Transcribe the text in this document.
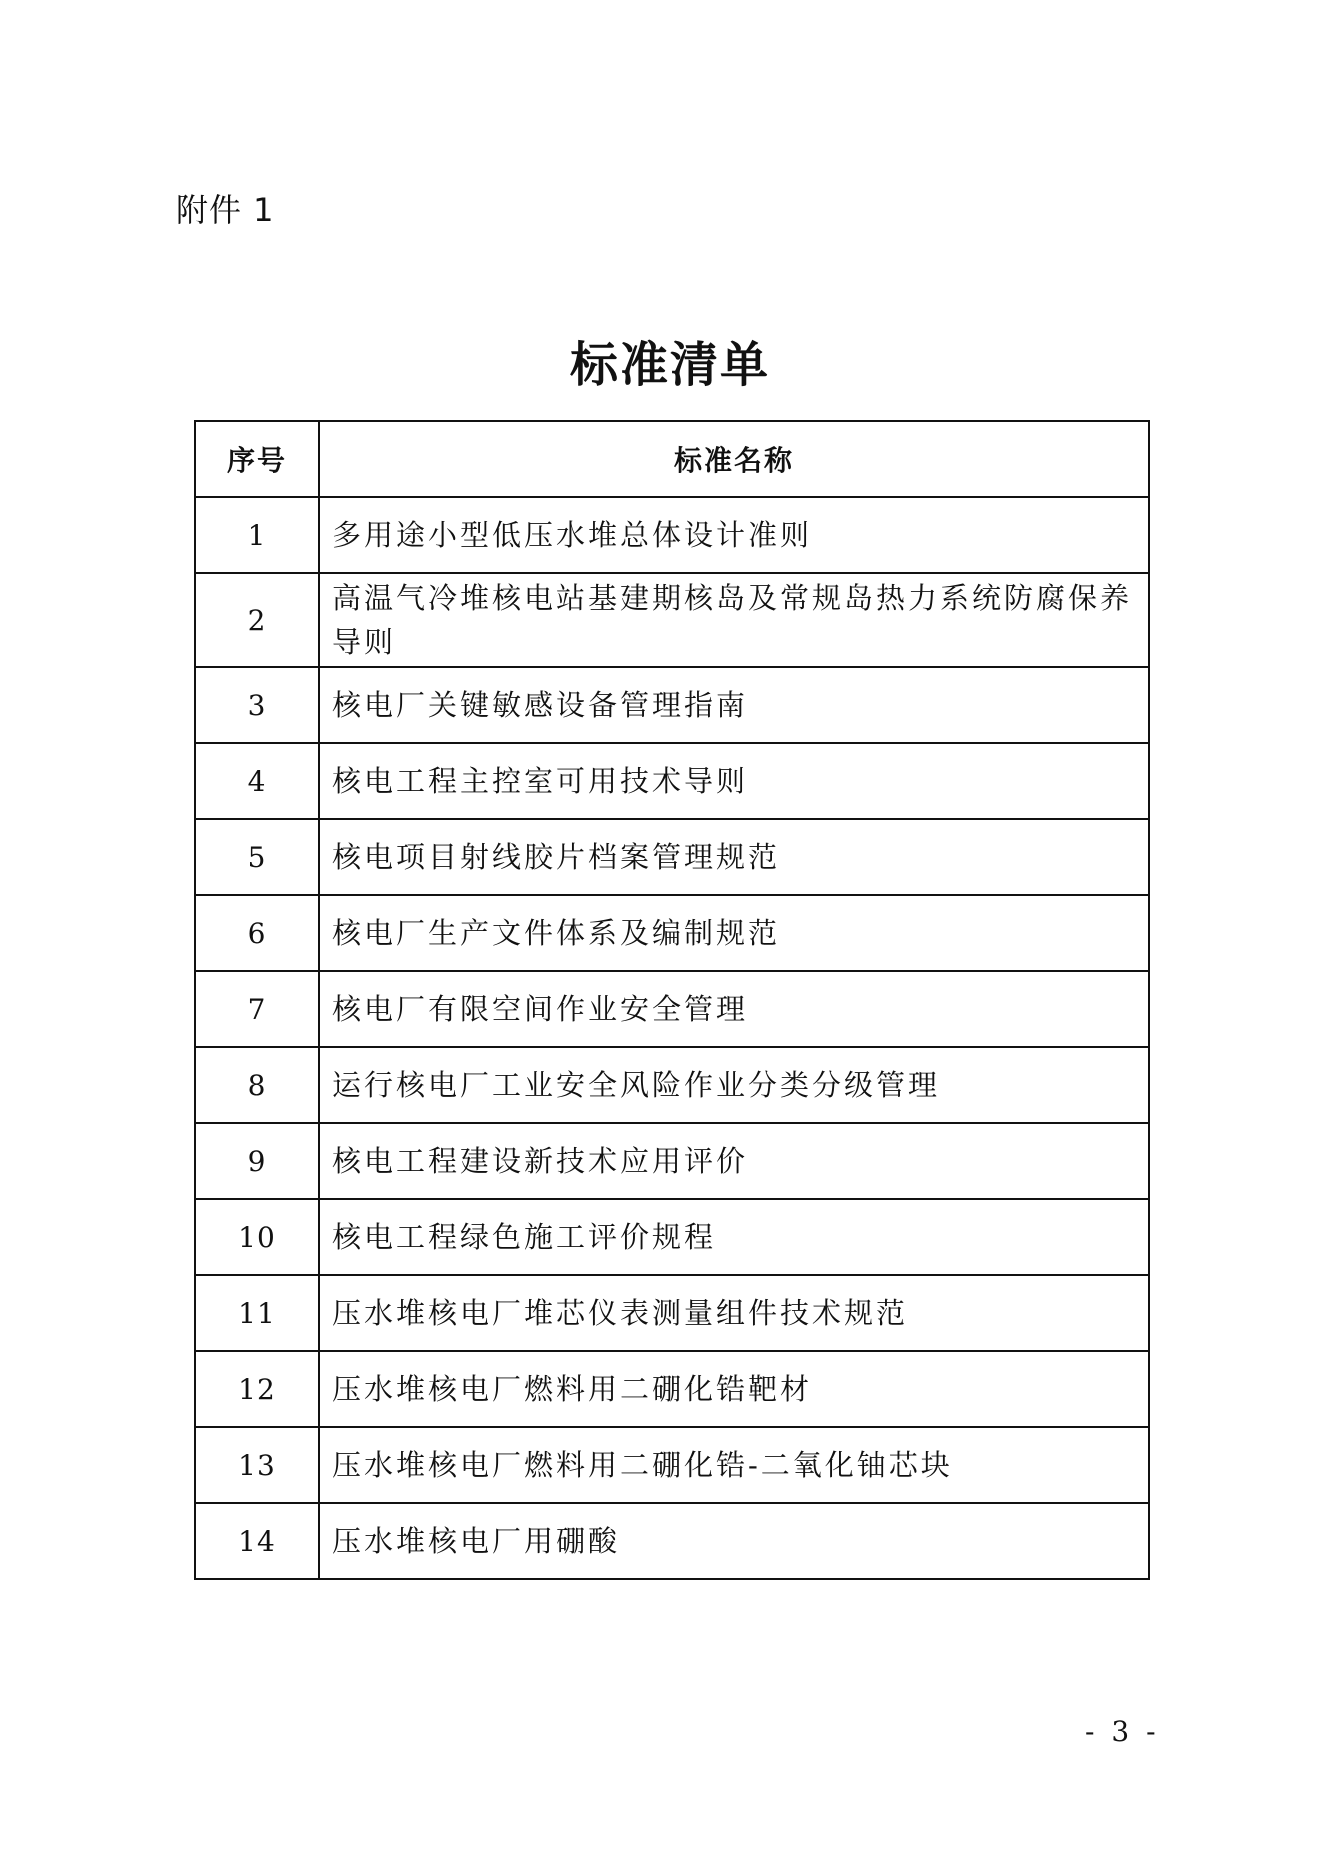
附件 1
标准清单
序号	标准名称
1	多用途小型低压水堆总体设计准则
2	高温气冷堆核电站基建期核岛及常规岛热力系统防腐保养导则
3	核电厂关键敏感设备管理指南
4	核电工程主控室可用技术导则
5	核电项目射线胶片档案管理规范
6	核电厂生产文件体系及编制规范
7	核电厂有限空间作业安全管理
8	运行核电厂工业安全风险作业分类分级管理
9	核电工程建设新技术应用评价
10	核电工程绿色施工评价规程
11	压水堆核电厂堆芯仪表测量组件技术规范
12	压水堆核电厂燃料用二硼化锆靶材
13	压水堆核电厂燃料用二硼化锆-二氧化铀芯块
14	压水堆核电厂用硼酸
- 3 -
